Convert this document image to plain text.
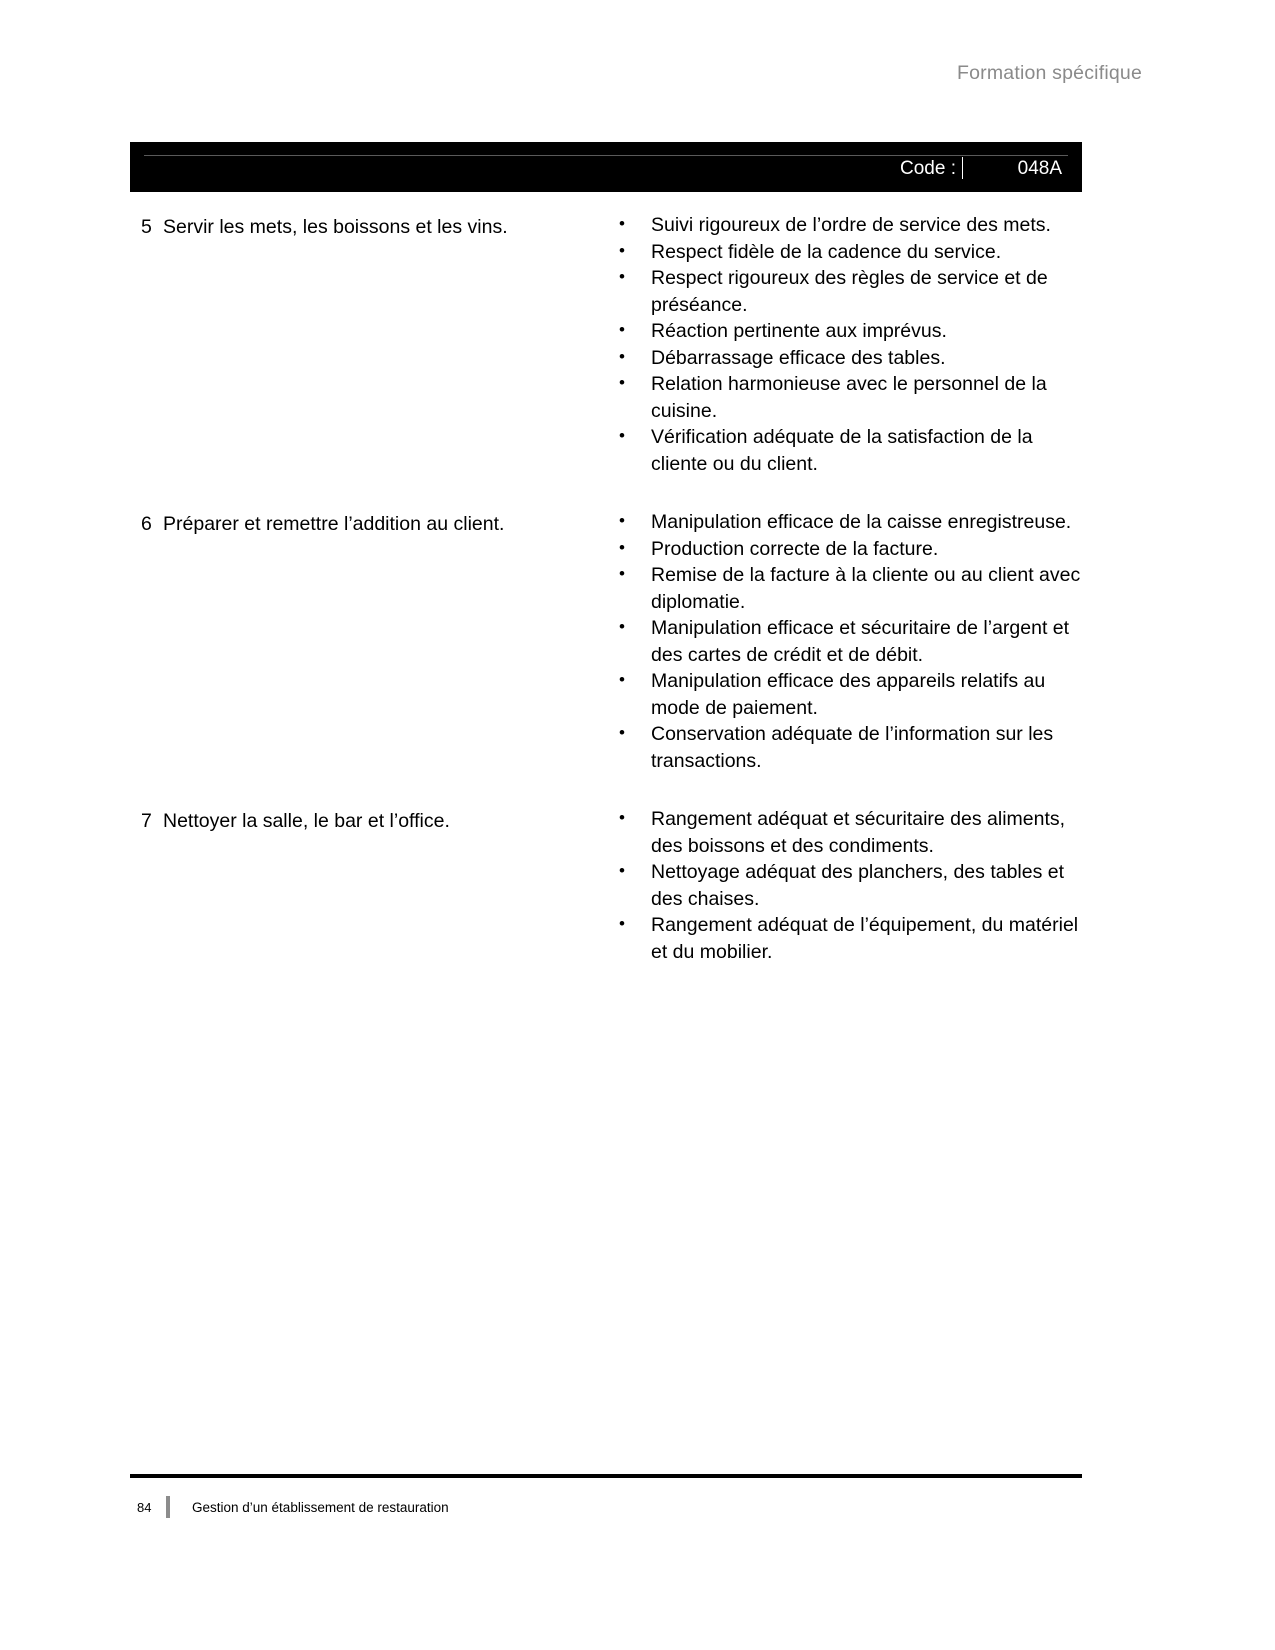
Formation spécifique
Code :	048A
5 Servir les mets, les boissons et les vins.	• Suivi rigoureux de l’ordre de service des mets.
• Respect fidèle de la cadence du service.
• Respect rigoureux des règles de service et de préséance.
• Réaction pertinente aux imprévus.
• Débarrassage efficace des tables.
• Relation harmonieuse avec le personnel de la cuisine.
• Vérification adéquate de la satisfaction de la cliente ou du client.
6 Préparer et remettre l’addition au client.	• Manipulation efficace de la caisse enregistreuse.
• Production correcte de la facture.
• Remise de la facture à la cliente ou au client avec diplomatie.
• Manipulation efficace et sécuritaire de l’argent et des cartes de crédit et de débit.
• Manipulation efficace des appareils relatifs au mode de paiement.
• Conservation adéquate de l’information sur les transactions.
7 Nettoyer la salle, le bar et l’office.	• Rangement adéquat et sécuritaire des aliments, des boissons et des condiments.
• Nettoyage adéquat des planchers, des tables et des chaises.
• Rangement adéquat de l’équipement, du matériel et du mobilier.
84	Gestion d’un établissement de restauration
